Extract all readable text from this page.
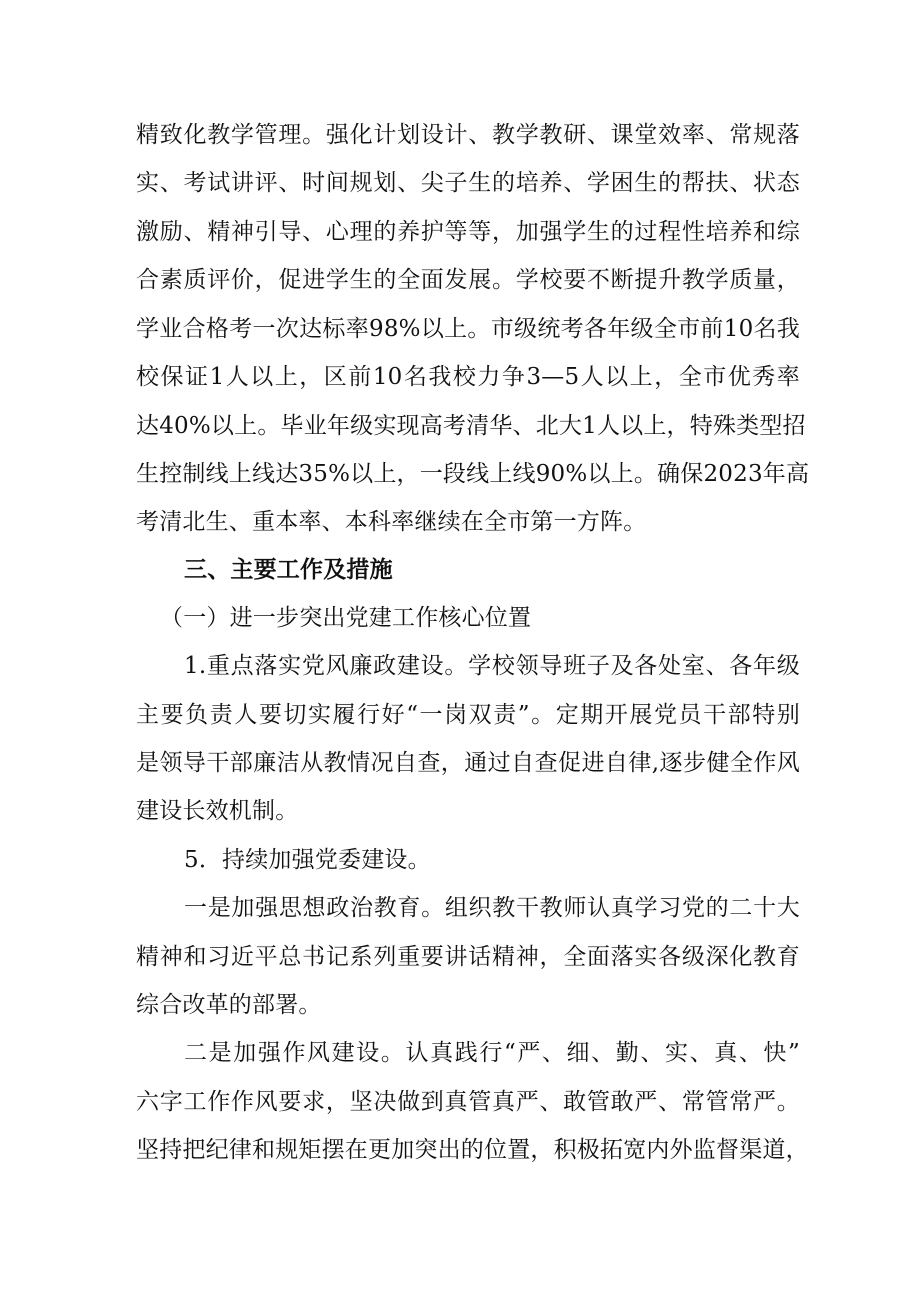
精致化教学管理。强化计划设计、教学教研、课堂效率、常规落
实、考试讲评、时间规划、尖子生的培养、学困生的帮扶、状态
激励、精神引导、心理的养护等等，加强学生的过程性培养和综
合素质评价，促进学生的全面发展。学校要不断提升教学质量，
学业合格考一次达标率98%以上。市级统考各年级全市前10名我
校保证1人以上，区前10名我校力争3—5人以上，全市优秀率
达40%以上。毕业年级实现高考清华、北大1人以上，特殊类型招
生控制线上线达35%以上，一段线上线90%以上。确保2023年高
考清北生、重本率、本科率继续在全市第一方阵。
三、主要工作及措施
（一）进一步突出党建工作核心位置
1.重点落实党风廉政建设。学校领导班子及各处室、各年级
主要负责人要切实履行好“一岗双责”。定期开展党员干部特别
是领导干部廉洁从教情况自查，通过自查促进自律,逐步健全作风
建设长效机制。
5．持续加强党委建设。
一是加强思想政治教育。组织教干教师认真学习党的二十大
精神和习近平总书记系列重要讲话精神，全面落实各级深化教育
综合改革的部署。
二是加强作风建设。认真践行“严、细、勤、实、真、快”
六字工作作风要求，坚决做到真管真严、敢管敢严、常管常严。
坚持把纪律和规矩摆在更加突出的位置，积极拓宽内外监督渠道，
